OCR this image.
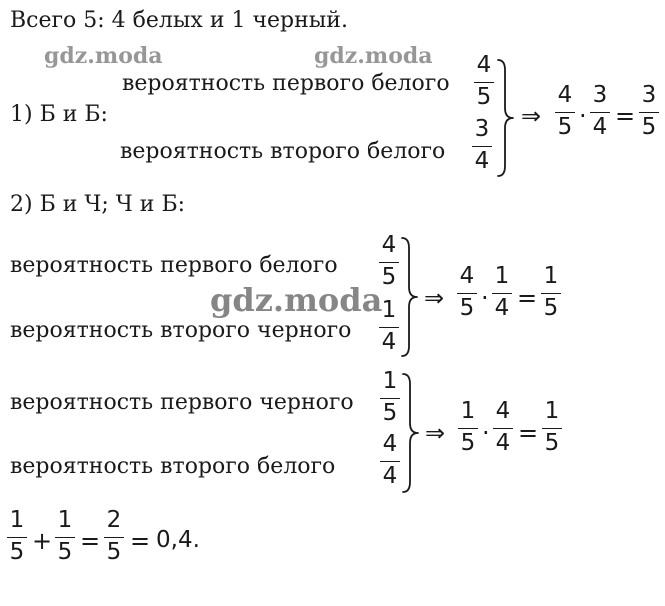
Всего 5: 4 белых и 1 черный.
gdz.moda	gdz.moda
gdz.moda
1) Б и Б:
вероятность первого белого
4
5
вероятность второго белого
3
4
⇒
4
5 ·
3
4 =
3
5
2) Б и Ч; Ч и Б:
вероятность первого белого
4
5
вероятность второго черного
1
4
⇒
4
5 ·
1
4 =
1
5
вероятность первого черного
1
5
вероятность второго белого
4
4
⇒
1
5 ·
4
4 =
1
5
1
5 +
1
5 =
2
5 = 0,4.
